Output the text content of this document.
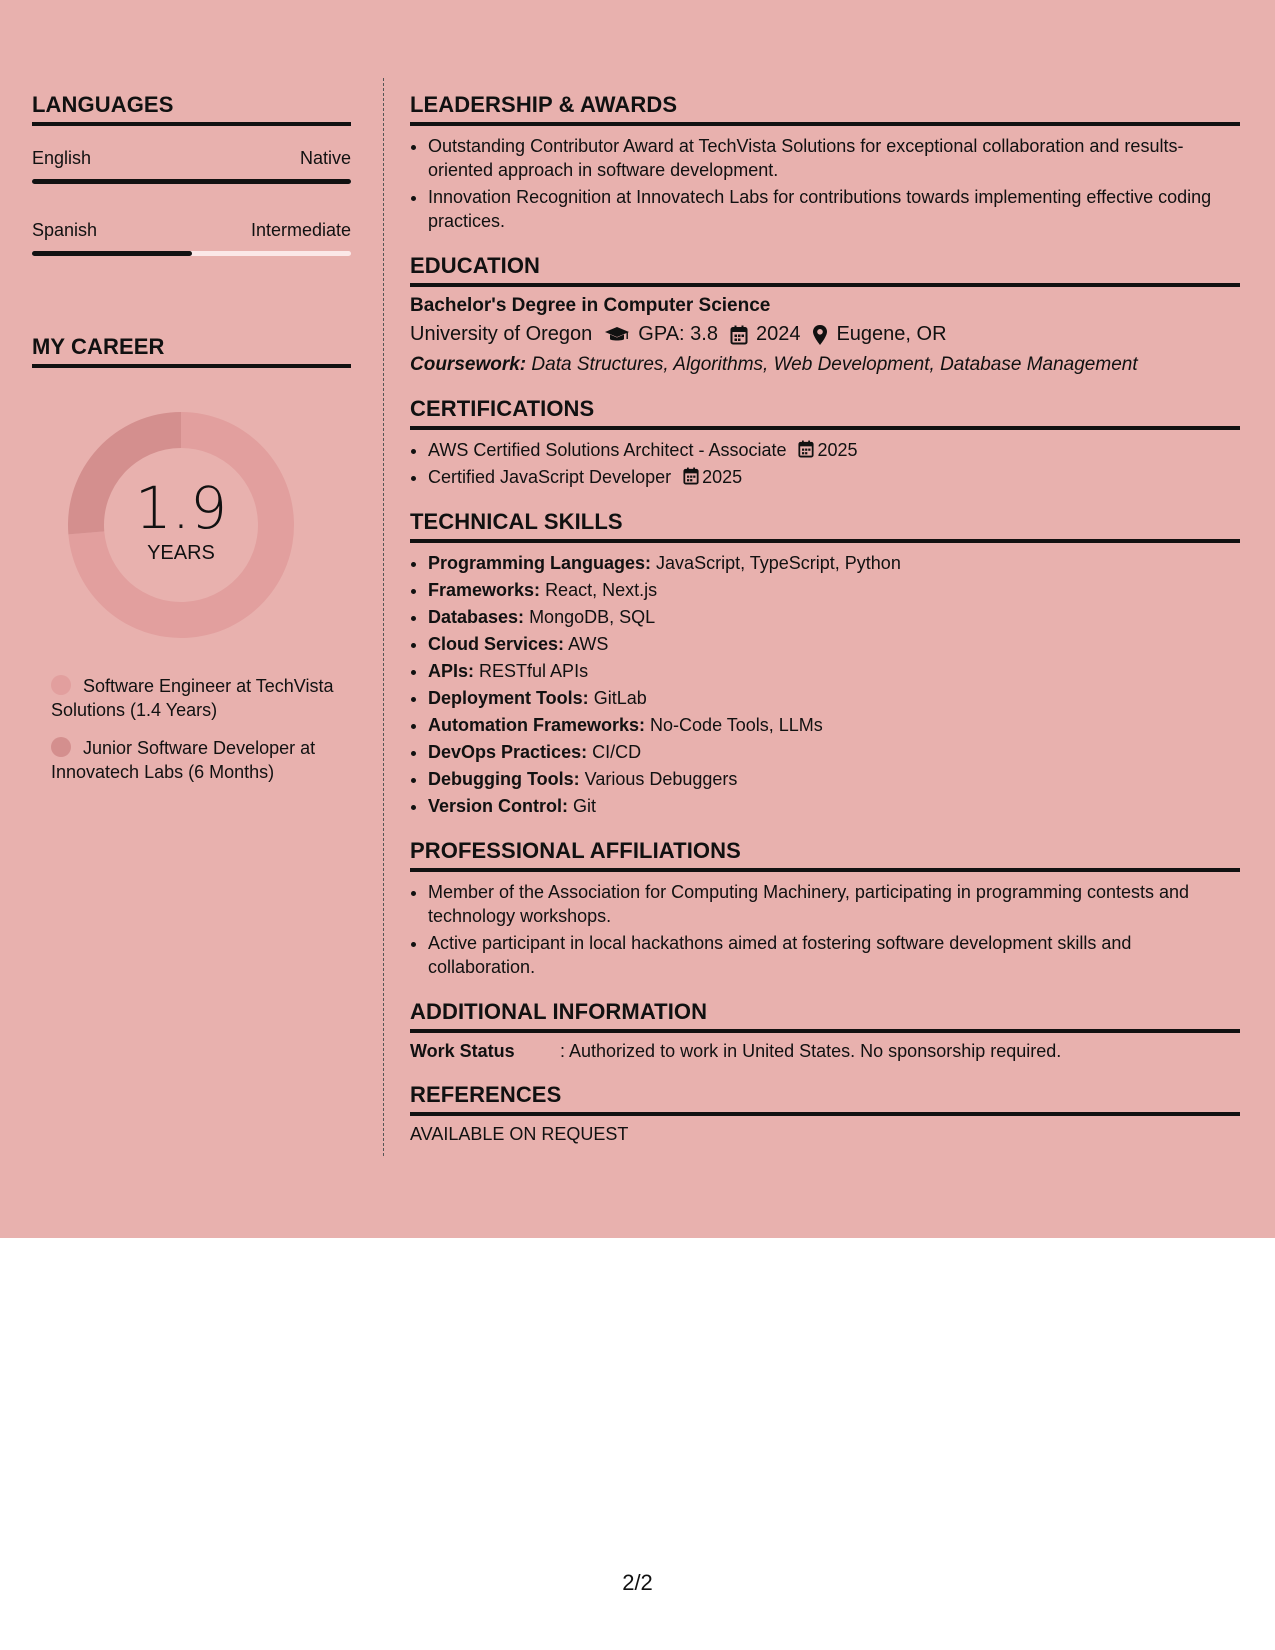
LANGUAGES
English	Native
Spanish	Intermediate
MY CAREER
1.9
YEARS
Software Engineer at TechVista Solutions (1.4 Years)
Junior Software Developer at Innovatech Labs (6 Months)
LEADERSHIP & AWARDS
• Outstanding Contributor Award at TechVista Solutions for exceptional collaboration and results-oriented approach in software development.
• Innovation Recognition at Innovatech Labs for contributions towards implementing effective coding practices.
EDUCATION
Bachelor's Degree in Computer Science
University of Oregon GPA: 3.8 2024 Eugene, OR
Coursework: Data Structures, Algorithms, Web Development, Database Management
CERTIFICATIONS
• AWS Certified Solutions Architect - Associate 2025
• Certified JavaScript Developer 2025
TECHNICAL SKILLS
• Programming Languages: JavaScript, TypeScript, Python
• Frameworks: React, Next.js
• Databases: MongoDB, SQL
• Cloud Services: AWS
• APIs: RESTful APIs
• Deployment Tools: GitLab
• Automation Frameworks: No-Code Tools, LLMs
• DevOps Practices: CI/CD
• Debugging Tools: Various Debuggers
• Version Control: Git
PROFESSIONAL AFFILIATIONS
• Member of the Association for Computing Machinery, participating in programming contests and technology workshops.
• Active participant in local hackathons aimed at fostering software development skills and collaboration.
ADDITIONAL INFORMATION
Work Status	: Authorized to work in United States. No sponsorship required.
REFERENCES
AVAILABLE ON REQUEST
2/2
